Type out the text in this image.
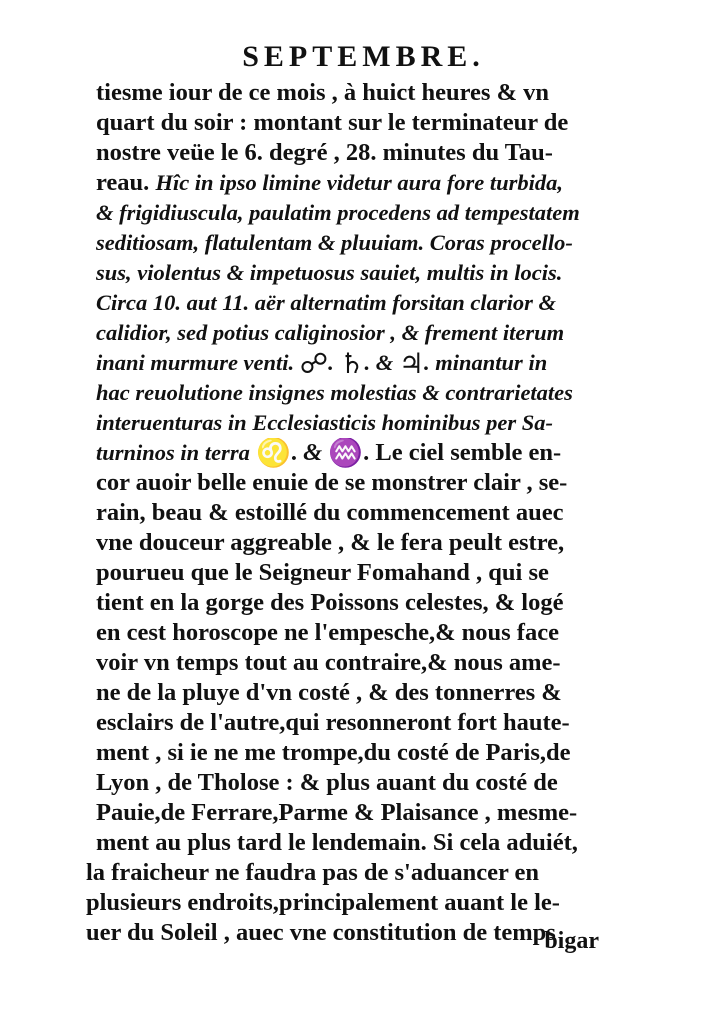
SEPTEMBRE.
tiesme iour de ce mois , à huict heures & vn
quart du soir : montant sur le terminateur de
nostre veüe le 6. degré , 28. minutes du Tau-
reau. Hîc in ipso limine videtur aura fore turbida,
& frigidiuscula, paulatim procedens ad tempestatem
seditiosam, flatulentam & pluuiam. Coras procello-
sus, violentus & impetuosus sauiet, multis in locis.
Circa 10. aut 11. aër alternatim forsitan clarior &
calidior, sed potius caliginosior , & frement iterum
inani murmure venti. ☍. ♄. & ♃. minantur in
hac reuolutione insignes molestias & contrarietates
interuenturas in Ecclesiasticis hominibus per Sa-
turninos in terra ♌. & ♒. Le ciel semble en-
cor auoir belle enuie de se monstrer clair , se-
rain, beau & estoillé du commencement auec
vne douceur aggreable , & le fera peult estre,
pourueu que le Seigneur Fomahand , qui se
tient en la gorge des Poissons celestes, & logé
en cest horoscope ne l'empesche,& nous face
voir vn temps tout au contraire,& nous ame-
ne de la pluye d'vn costé , & des tonnerres &
esclairs de l'autre,qui resonneront fort haute-
ment , si ie ne me trompe,du costé de Paris,de
Lyon , de Tholose : & plus auant du costé de
Pauie,de Ferrare,Parme & Plaisance , mesme-
ment au plus tard le lendemain. Si cela aduiét,
la fraicheur ne faudra pas de s'aduancer en
plusieurs endroits,principalement auant le le-
uer du Soleil , auec vne constitution de temps
bigar
